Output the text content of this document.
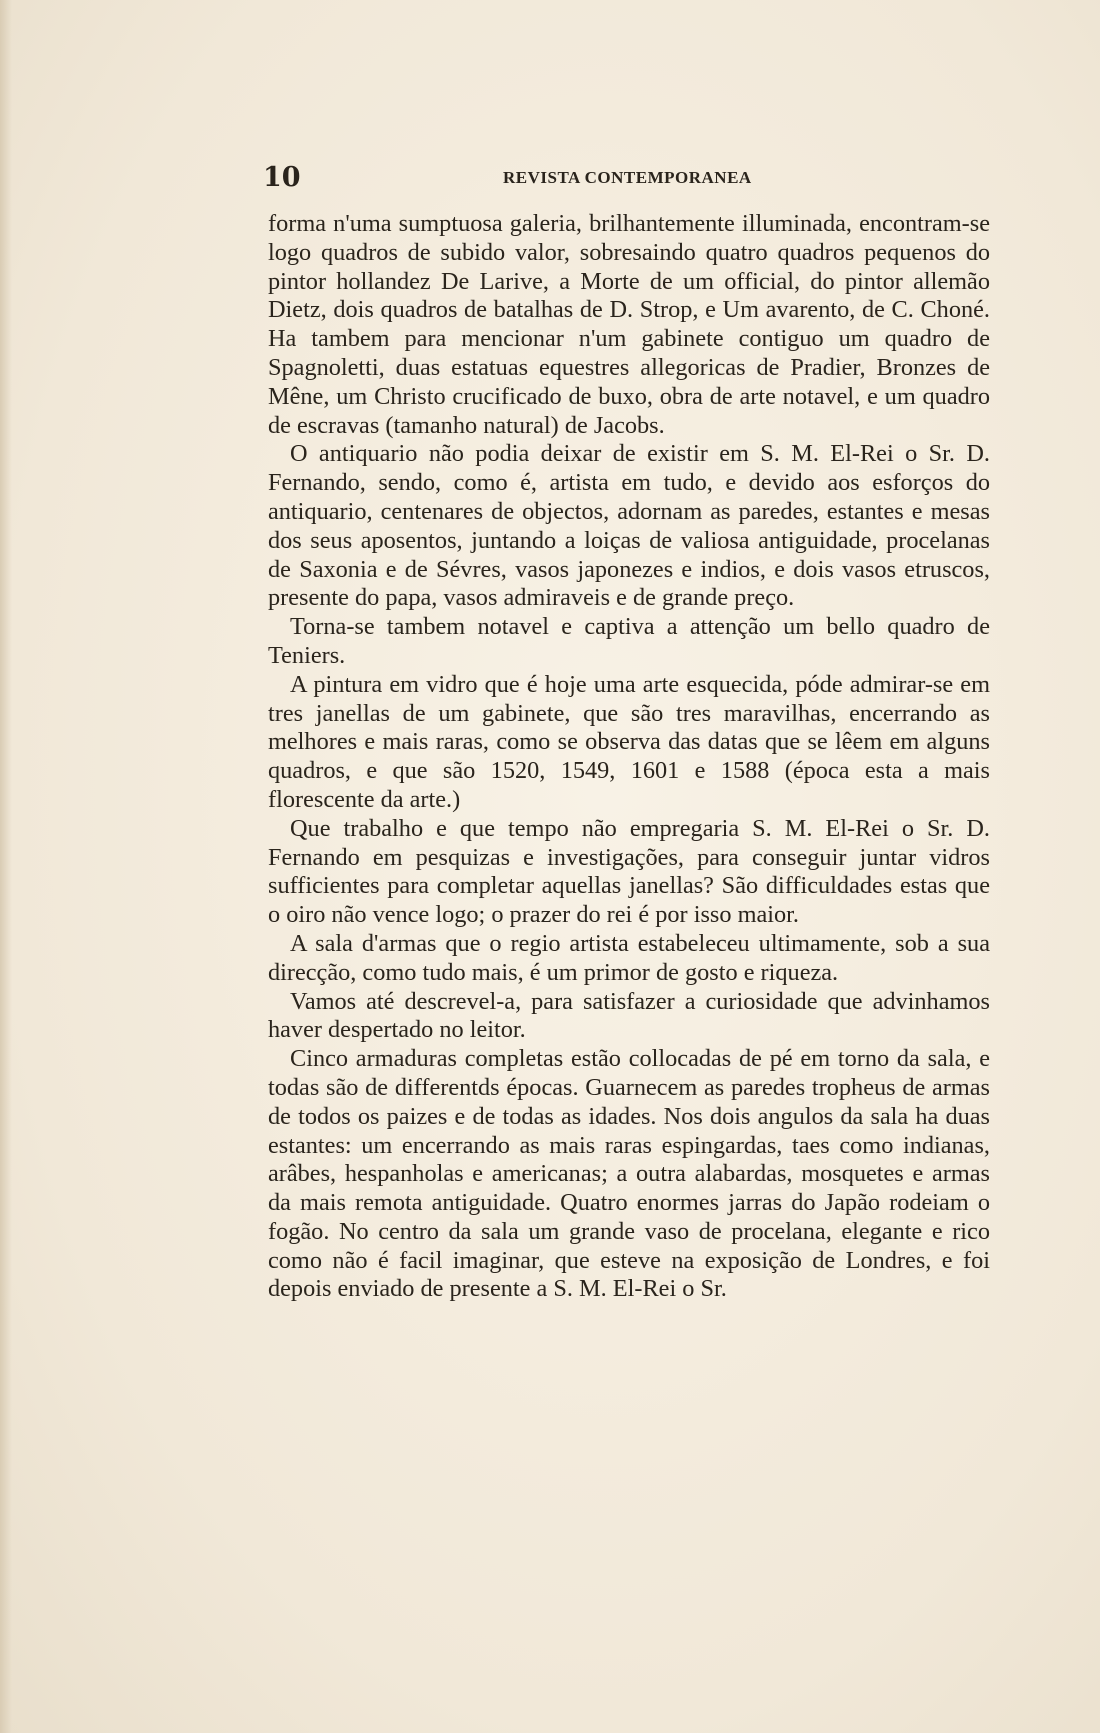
10	REVISTA CONTEMPORANEA

forma n'uma sumptuosa galeria, brilhantemente illuminada, encontram-se logo quadros de subido valor, sobresaindo quatro quadros pequenos do pintor hollandez De Larive, a Morte de um official, do pintor allemão Dietz, dois quadros de batalhas de D. Strop, e Um avarento, de C. Choné. Ha tambem para mencionar n'um gabinete contiguo um quadro de Spagnoletti, duas estatuas equestres allegoricas de Pradier, Bronzes de Mêne, um Christo crucificado de buxo, obra de arte notavel, e um quadro de escravas (tamanho natural) de Jacobs.

O antiquario não podia deixar de existir em S. M. El-Rei o Sr. D. Fernando, sendo, como é, artista em tudo, e devido aos esforços do antiquario, centenares de objectos, adornam as paredes, estantes e mesas dos seus aposentos, juntando a loiças de valiosa antiguidade, procelanas de Saxonia e de Sévres, vasos japonezes e indios, e dois vasos etruscos, presente do papa, vasos admiraveis e de grande preço.

Torna-se tambem notavel e captiva a attenção um bello quadro de Teniers.

A pintura em vidro que é hoje uma arte esquecida, póde admirar-se em tres janellas de um gabinete, que são tres maravilhas, encerrando as melhores e mais raras, como se observa das datas que se lêem em alguns quadros, e que são 1520, 1549, 1601 e 1588 (época esta a mais florescente da arte.)

Que trabalho e que tempo não empregaria S. M. El-Rei o Sr. D. Fernando em pesquizas e investigações, para conseguir juntar vidros sufficientes para completar aquellas janellas? São difficuldades estas que o oiro não vence logo; o prazer do rei é por isso maior.

A sala d'armas que o regio artista estabeleceu ultimamente, sob a sua direcção, como tudo mais, é um primor de gosto e riqueza.

Vamos até descrevel-a, para satisfazer a curiosidade que advinhamos haver despertado no leitor.

Cinco armaduras completas estão collocadas de pé em torno da sala, e todas são de differentds épocas. Guarnecem as paredes tropheus de armas de todos os paizes e de todas as idades. Nos dois angulos da sala ha duas estantes: um encerrando as mais raras espingardas, taes como indianas, arâbes, hespanholas e americanas; a outra alabardas, mosquetes e armas da mais remota antiguidade. Quatro enormes jarras do Japão rodeiam o fogão. No centro da sala um grande vaso de procelana, elegante e rico como não é facil imaginar, que esteve na exposição de Londres, e foi depois enviado de presente a S. M. El-Rei o Sr.
